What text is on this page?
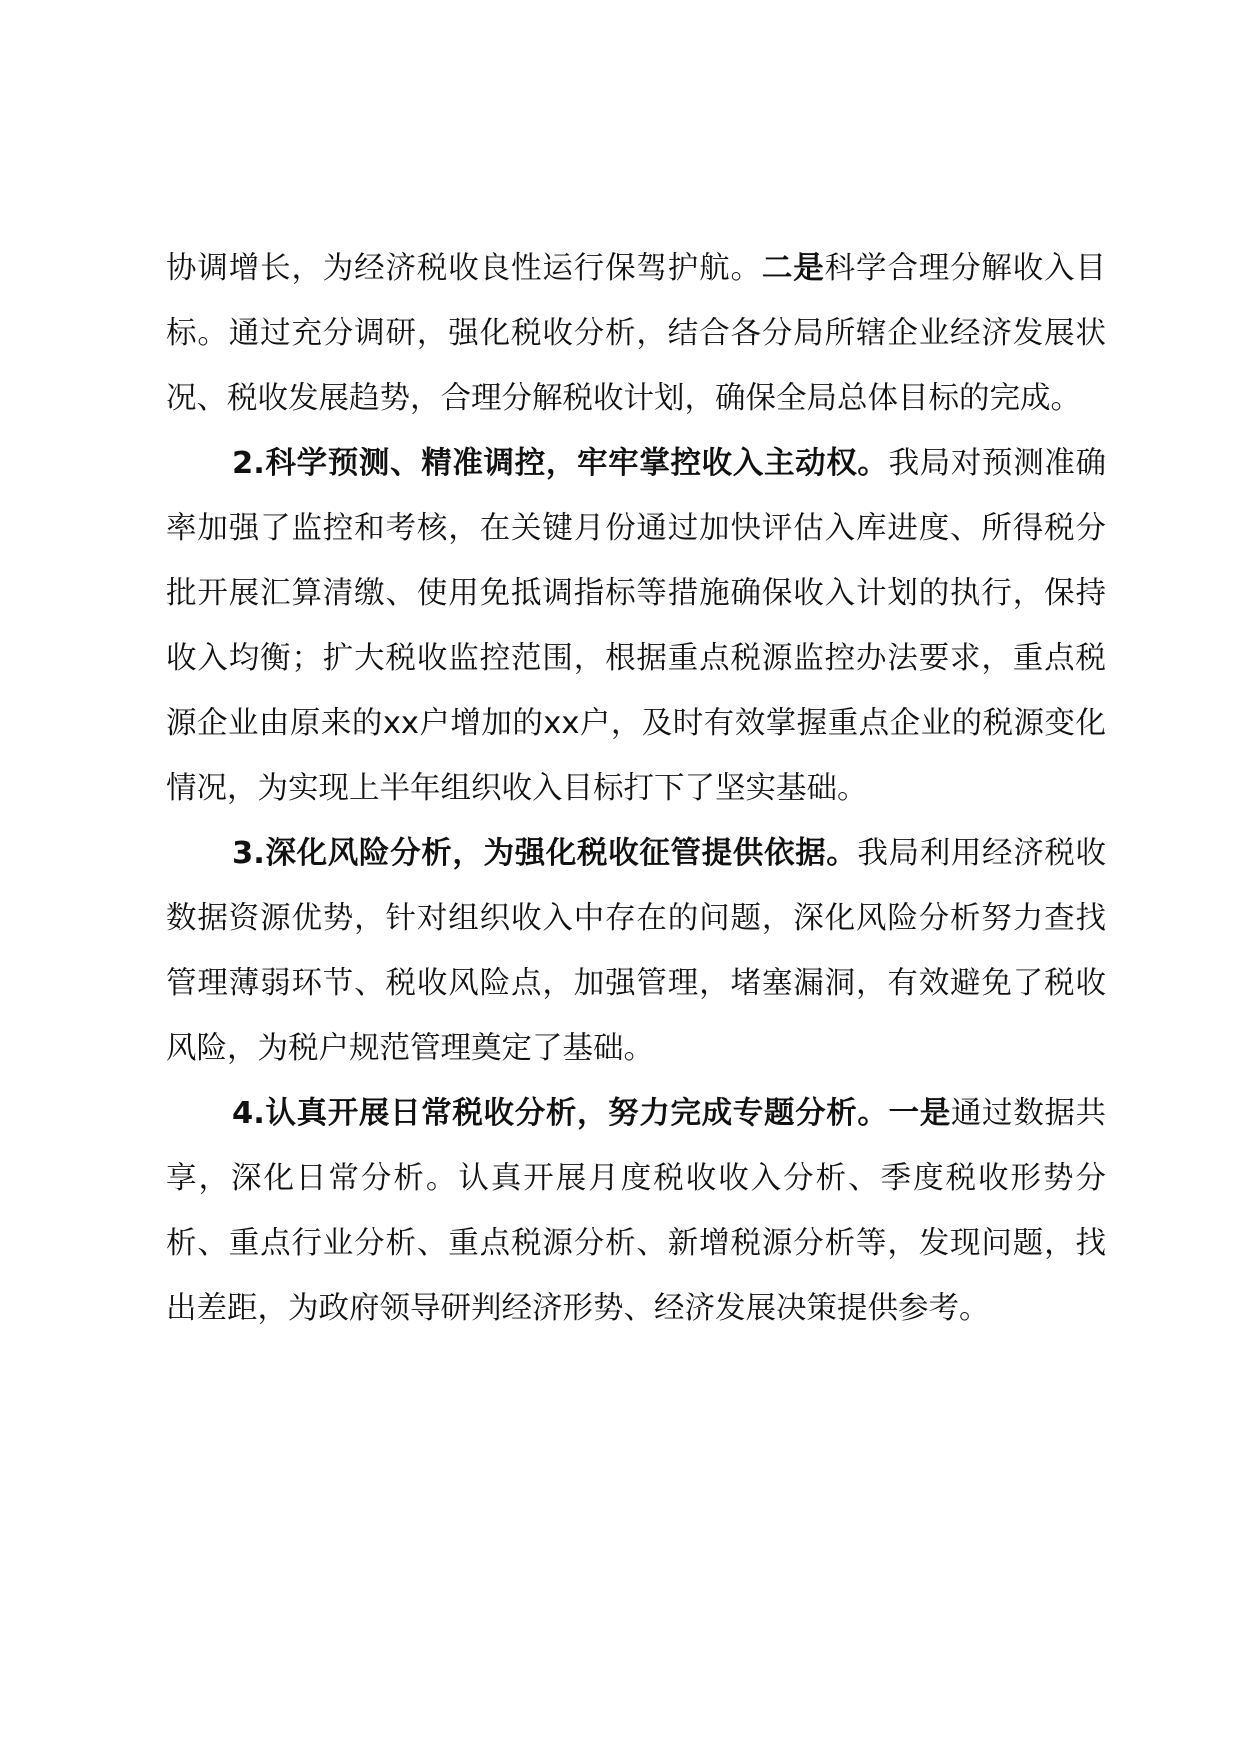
协调增长，为经济税收良性运行保驾护航。二是科学合理分解收入目标。通过充分调研，强化税收分析，结合各分局所辖企业经济发展状况、税收发展趋势，合理分解税收计划，确保全局总体目标的完成。

2.科学预测、精准调控，牢牢掌控收入主动权。我局对预测准确率加强了监控和考核，在关键月份通过加快评估入库进度、所得税分批开展汇算清缴、使用免抵调指标等措施确保收入计划的执行，保持收入均衡；扩大税收监控范围，根据重点税源监控办法要求，重点税源企业由原来的xx户增加的xx户，及时有效掌握重点企业的税源变化情况，为实现上半年组织收入目标打下了坚实基础。

3.深化风险分析，为强化税收征管提供依据。我局利用经济税收数据资源优势，针对组织收入中存在的问题，深化风险分析努力查找管理薄弱环节、税收风险点，加强管理，堵塞漏洞，有效避免了税收风险，为税户规范管理奠定了基础。

4.认真开展日常税收分析，努力完成专题分析。一是通过数据共享，深化日常分析。认真开展月度税收收入分析、季度税收形势分析、重点行业分析、重点税源分析、新增税源分析等，发现问题，找出差距，为政府领导研判经济形势、经济发展决策提供参考。
